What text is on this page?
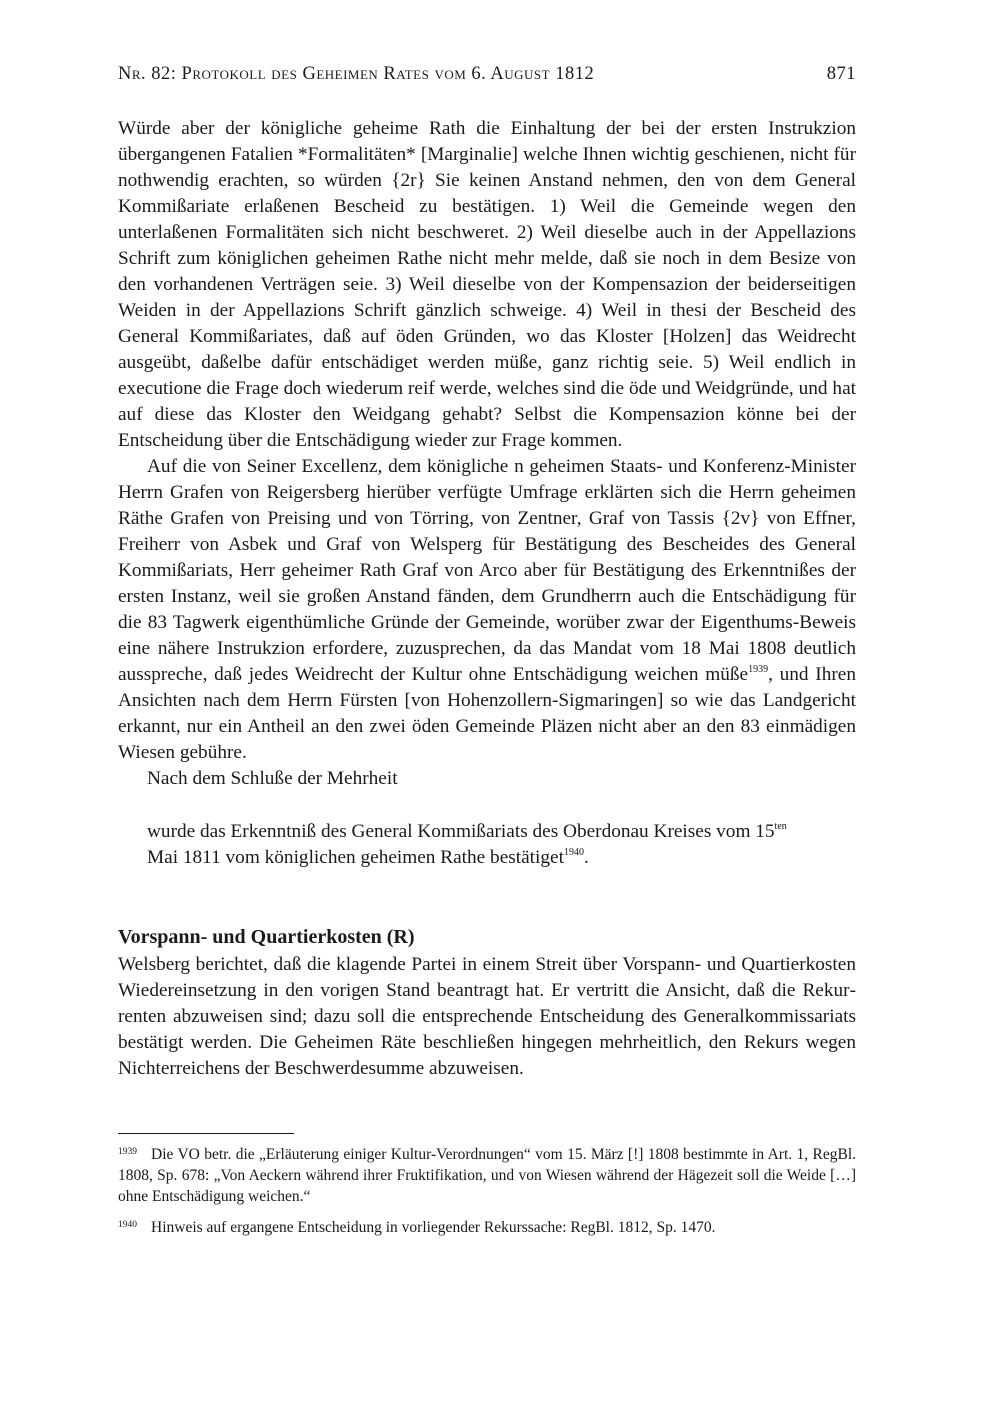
Nr. 82: Protokoll des Geheimen Rates vom 6. August 1812	871

Würde aber der königliche geheime Rath die Einhaltung der bei der ersten Instrukzion übergangenen Fatalien *Formalitäten* [Marginalie] welche Ihnen wichtig geschienen, nicht für nothwendig erachten, so würden {2r} Sie keinen Anstand nehmen, den von dem General Kommißariate erlaßenen Bescheid zu bestätigen. 1) Weil die Gemeinde wegen den unterlaßenen Formalitäten sich nicht beschweret. 2) Weil dieselbe auch in der Appellazions Schrift zum königlichen geheimen Rathe nicht mehr melde, daß sie noch in dem Besize von den vorhandenen Verträgen seie. 3) Weil dieselbe von der Kompensazion der beiderseitigen Weiden in der Appellazions Schrift gänzlich schweige. 4) Weil in thesi der Bescheid des General Kommißariates, daß auf öden Gründen, wo das Kloster [Holzen] das Weidrecht ausgeübt, daßelbe dafür entschädiget werden müße, ganz richtig seie. 5) Weil endlich in executione die Frage doch wiederum reif werde, welches sind die öde und Weidgründe, und hat auf diese das Kloster den Weidgang gehabt? Selbst die Kompensazion könne bei der Entscheidung über die Entschädigung wieder zur Frage kommen.

Auf die von Seiner Excellenz, dem königliche n geheimen Staats- und Konferenz-Minister Herrn Grafen von Reigersberg hierüber verfügte Umfrage erklärten sich die Herrn geheimen Räthe Grafen von Preising und von Törring, von Zentner, Graf von Tassis {2v} von Effner, Freiherr von Asbek und Graf von Welsperg für Bestätigung des Bescheides des General Kommißariats, Herr geheimer Rath Graf von Arco aber für Bestätigung des Erkenntnißes der ersten Instanz, weil sie großen Anstand fänden, dem Grundherrn auch die Entschädigung für die 83 Tagwerk eigenthümliche Gründe der Gemeinde, worüber zwar der Eigenthums-Beweis eine nähere Instrukzion erfordere, zuzusprechen, da das Mandat vom 18 Mai 1808 deutlich ausspreche, daß jedes Weidrecht der Kultur ohne Entschädigung weichen müße$^{1939}$, und Ihren Ansichten nach dem Herrn Fürsten [von Hohenzollern-Sigmaringen] so wie das Landgericht erkannt, nur ein Antheil an den zwei öden Gemeinde Pläzen nicht aber an den 83 einmädigen Wiesen gebühre.

Nach dem Schluße der Mehrheit

wurde das Erkenntniß des General Kommißariats des Oberdonau Kreises vom $15^{ten}$
Mai 1811 vom königlichen geheimen Rathe bestätiget$^{1940}$.

Vorspann- und Quartierkosten (R)

Welsberg berichtet, daß die klagende Partei in einem Streit über Vorspann- und Quartierkosten Wiedereinsetzung in den vorigen Stand beantragt hat. Er vertritt die Ansicht, daß die Rekurrenten abzuweisen sind; dazu soll die entsprechende Entscheidung des Generalkommissariats bestätigt werden. Die Geheimen Räte beschließen hingegen mehrheitlich, den Rekurs wegen Nichterreichens der Beschwerdesumme abzuweisen.

$^{1939}$ Die VO betr. die „Erläuterung einiger Kultur-Verordnungen“ vom 15. März [!] 1808 bestimmte in Art. 1, RegBl. 1808, Sp. 678: „Von Aeckern während ihrer Fruktifikation, und von Wiesen während der Hägezeit soll die Weide […] ohne Entschädigung weichen.“

$^{1940}$ Hinweis auf ergangene Entscheidung in vorliegender Rekurssache: RegBl. 1812, Sp. 1470.
